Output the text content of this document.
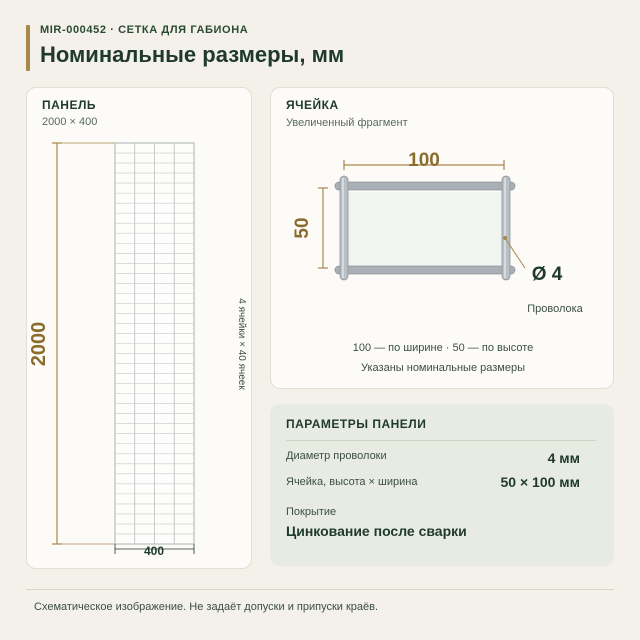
MIR-000452 · СЕТКА ДЛЯ ГАБИОНА
Номинальные размеры, мм
ПАНЕЛЬ
2000 × 400
2000
400
4 ячейки × 40 ячеек
ЯЧЕЙКА
Увеличенный фрагмент
100
50
Ø 4
Проволока
100 — по ширине · 50 — по высоте
Указаны номинальные размеры
ПАРАМЕТРЫ ПАНЕЛИ
Диаметр проволоки	4 мм
Ячейка, высота × ширина	50 × 100 мм
Покрытие
Цинкование после сварки
Схематическое изображение. Не задаёт допуски и припуски краёв.
